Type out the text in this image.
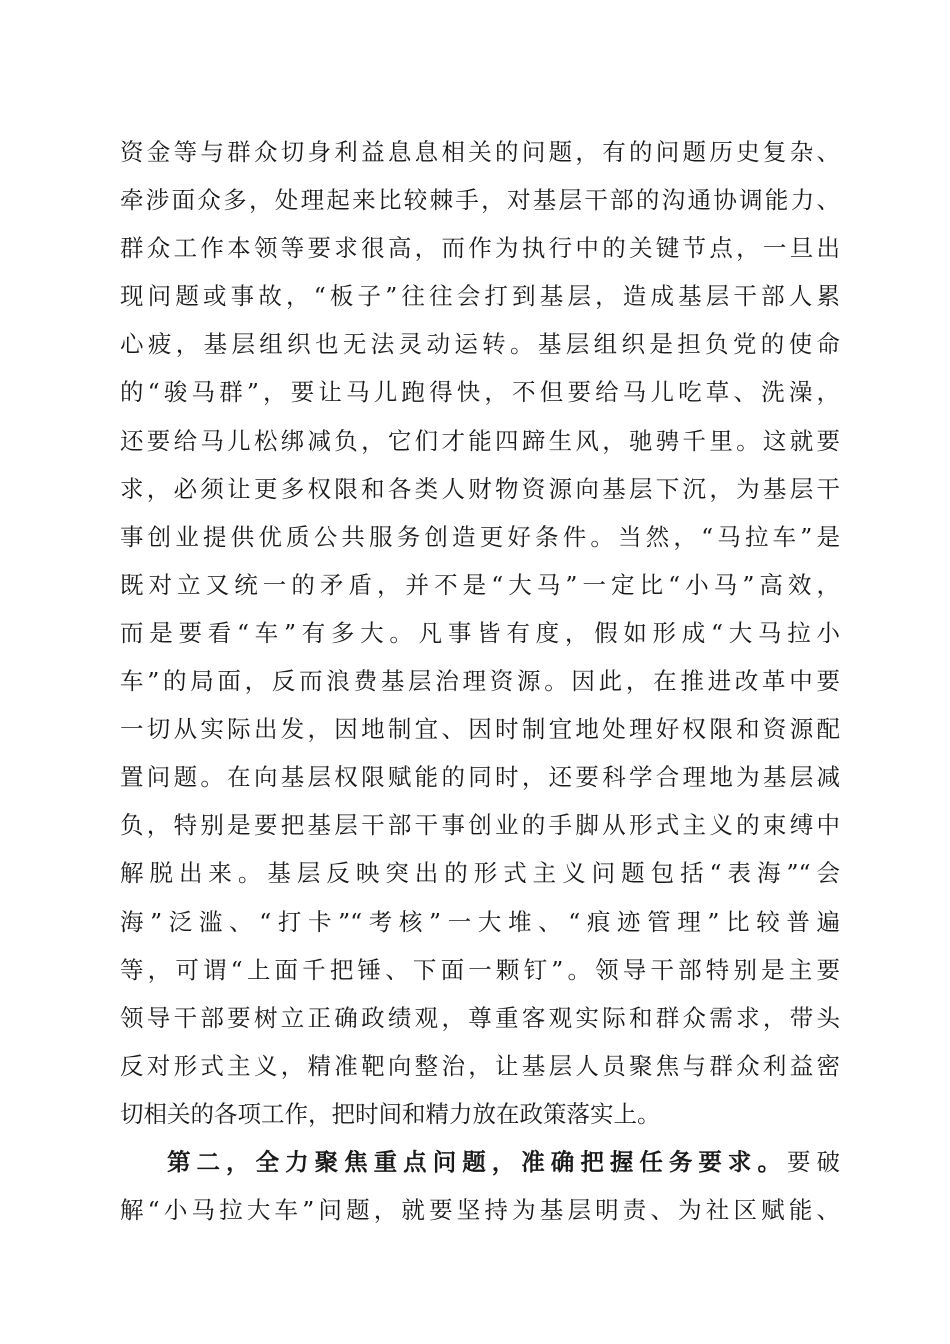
资金等与群众切身利益息息相关的问题，有的问题历史复杂、
牵涉面众多，处理起来比较棘手，对基层干部的沟通协调能力、
群众工作本领等要求很高，而作为执行中的关键节点，一旦出
现问题或事故，“板子”往往会打到基层，造成基层干部人累
心疲，基层组织也无法灵动运转。基层组织是担负党的使命
的“骏马群”，要让马儿跑得快，不但要给马儿吃草、洗澡，
还要给马儿松绑减负，它们才能四蹄生风，驰骋千里。这就要
求，必须让更多权限和各类人财物资源向基层下沉，为基层干
事创业提供优质公共服务创造更好条件。当然，“马拉车”是
既对立又统一的矛盾，并不是“大马”一定比“小马”高效，
而是要看“车”有多大。凡事皆有度，假如形成“大马拉小
车”的局面，反而浪费基层治理资源。因此，在推进改革中要
一切从实际出发，因地制宜、因时制宜地处理好权限和资源配
置问题。在向基层权限赋能的同时，还要科学合理地为基层减
负，特别是要把基层干部干事创业的手脚从形式主义的束缚中
解脱出来。基层反映突出的形式主义问题包括“表海”“会
海”泛滥、“打卡”“考核”一大堆、“痕迹管理”比较普遍
等，可谓“上面千把锤、下面一颗钉”。领导干部特别是主要
领导干部要树立正确政绩观，尊重客观实际和群众需求，带头
反对形式主义，精准靶向整治，让基层人员聚焦与群众利益密
切相关的各项工作，把时间和精力放在政策落实上。
第二，全力聚焦重点问题，准确把握任务要求。要破
解“小马拉大车”问题，就要坚持为基层明责、为社区赋能、
